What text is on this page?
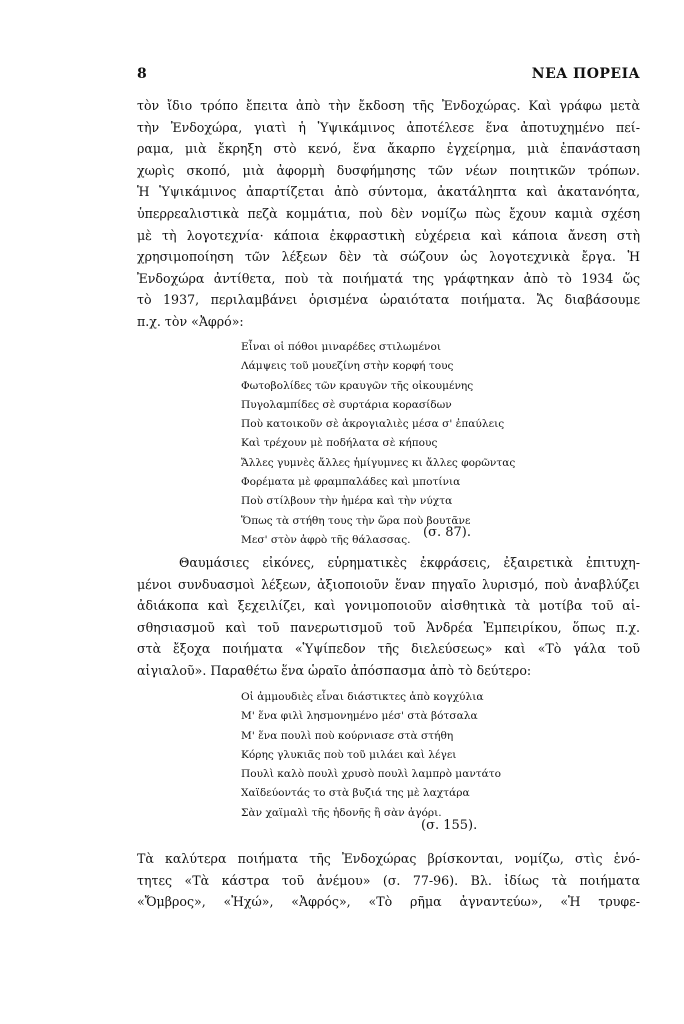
8	ΝΕΑ ΠΟΡΕΙΑ
τὸν ἴδιο τρόπο ἔπειτα ἀπὸ τὴν ἔκδοση τῆς Ἐνδοχώρας. Καὶ γράφω μετὰ
τὴν Ἐνδοχώρα, γιατὶ ἡ Ὑψικάμινος ἀποτέλεσε ἕνα ἀποτυχημένο πεί-
ραμα, μιὰ ἔκρηξη στὸ κενό, ἕνα ἄκαρπο ἐγχείρημα, μιὰ ἐπανάσταση
χωρὶς σκοπό, μιὰ ἀφορμὴ δυσφήμησης τῶν νέων ποιητικῶν τρόπων.
Ἡ Ὑψικάμινος ἀπαρτίζεται ἀπὸ σύντομα, ἀκατάληπτα καὶ ἀκατανόητα,
ὑπερρεαλιστικὰ πεζὰ κομμάτια, ποὺ δὲν νομίζω πὼς ἔχουν καμιὰ σχέση
μὲ τὴ λογοτεχνία· κάποια ἐκφραστικὴ εὐχέρεια καὶ κάποια ἄνεση στὴ
χρησιμοποίηση τῶν λέξεων δὲν τὰ σώζουν ὡς λογοτεχνικὰ ἔργα. Ἡ
Ἐνδοχώρα ἀντίθετα, ποὺ τὰ ποιήματά της γράφτηκαν ἀπὸ τὸ 1934 ὥς
τὸ 1937, περιλαμβάνει ὁρισμένα ὡραιότατα ποιήματα. Ἄς διαβάσουμε
π.χ. τὸν «Ἀφρό»:
Εἶναι οἱ πόθοι μιναρέδες στιλωμένοι
Λάμψεις τοῦ μουεζίνη στὴν κορφή τους
Φωτοβολίδες τῶν κραυγῶν τῆς οἰκουμένης
Πυγολαμπίδες σὲ συρτάρια κορασίδων
Ποὺ κατοικοῦν σὲ ἀκρογιαλιὲς μέσα σ' ἐπαύλεις
Καὶ τρέχουν μὲ ποδήλατα σὲ κήπους
Ἄλλες γυμνὲς ἄλλες ἡμίγυμνες κι ἄλλες φορῶντας
Φορέματα μὲ φραμπαλάδες καὶ μποτίνια
Ποὺ στίλβουν τὴν ἡμέρα καὶ τὴν νύχτα
Ὅπως τὰ στήθη τους τὴν ὥρα ποὺ βουτᾶνε
Μεσ' στὸν ἀφρὸ τῆς θάλασσας. (σ. 87).
Θαυμάσιες εἰκόνες, εὑρηματικὲς ἐκφράσεις, ἐξαιρετικὰ ἐπιτυχη-
μένοι συνδυασμοὶ λέξεων, ἀξιοποιοῦν ἕναν πηγαῖο λυρισμό, ποὺ ἀναβλύζει
ἀδιάκοπα καὶ ξεχειλίζει, καὶ γονιμοποιοῦν αἰσθητικὰ τὰ μοτίβα τοῦ αἰ-
σθησιασμοῦ καὶ τοῦ πανερωτισμοῦ τοῦ Ἀνδρέα Ἐμπειρίκου, ὅπως π.χ.
στὰ ἔξοχα ποιήματα «Ὑψίπεδον τῆς διελεύσεως» καὶ «Τὸ γάλα τοῦ
αἰγιαλοῦ». Παραθέτω ἕνα ὡραῖο ἀπόσπασμα ἀπὸ τὸ δεύτερο:
Οἱ ἀμμουδιὲς εἶναι διάστικτες ἀπὸ κογχύλια
Μ' ἕνα φιλὶ λησμονημένο μέσ' στὰ βότσαλα
Μ' ἕνα πουλὶ ποὺ κούρνιασε στὰ στήθη
Κόρης γλυκιᾶς ποὺ τοῦ μιλάει καὶ λέγει
Πουλὶ καλὸ πουλὶ χρυσὸ πουλὶ λαμπρὸ μαντάτο
Χαϊδεύοντάς το στὰ βυζιά της μὲ λαχτάρα
Σὰν χαϊμαλὶ τῆς ἡδονῆς ἢ σὰν ἀγόρι.
(σ. 155).
Τὰ καλύτερα ποιήματα τῆς Ἐνδοχώρας βρίσκονται, νομίζω, στὶς ἑνό-
τητες «Τὰ κάστρα τοῦ ἀνέμου» (σ. 77-96). Βλ. ἰδίως τὰ ποιήματα
«Ὄμβρος», «Ἠχώ», «Ἀφρός», «Τὸ ρῆμα ἀγναντεύω», «Ἡ τρυφε-
